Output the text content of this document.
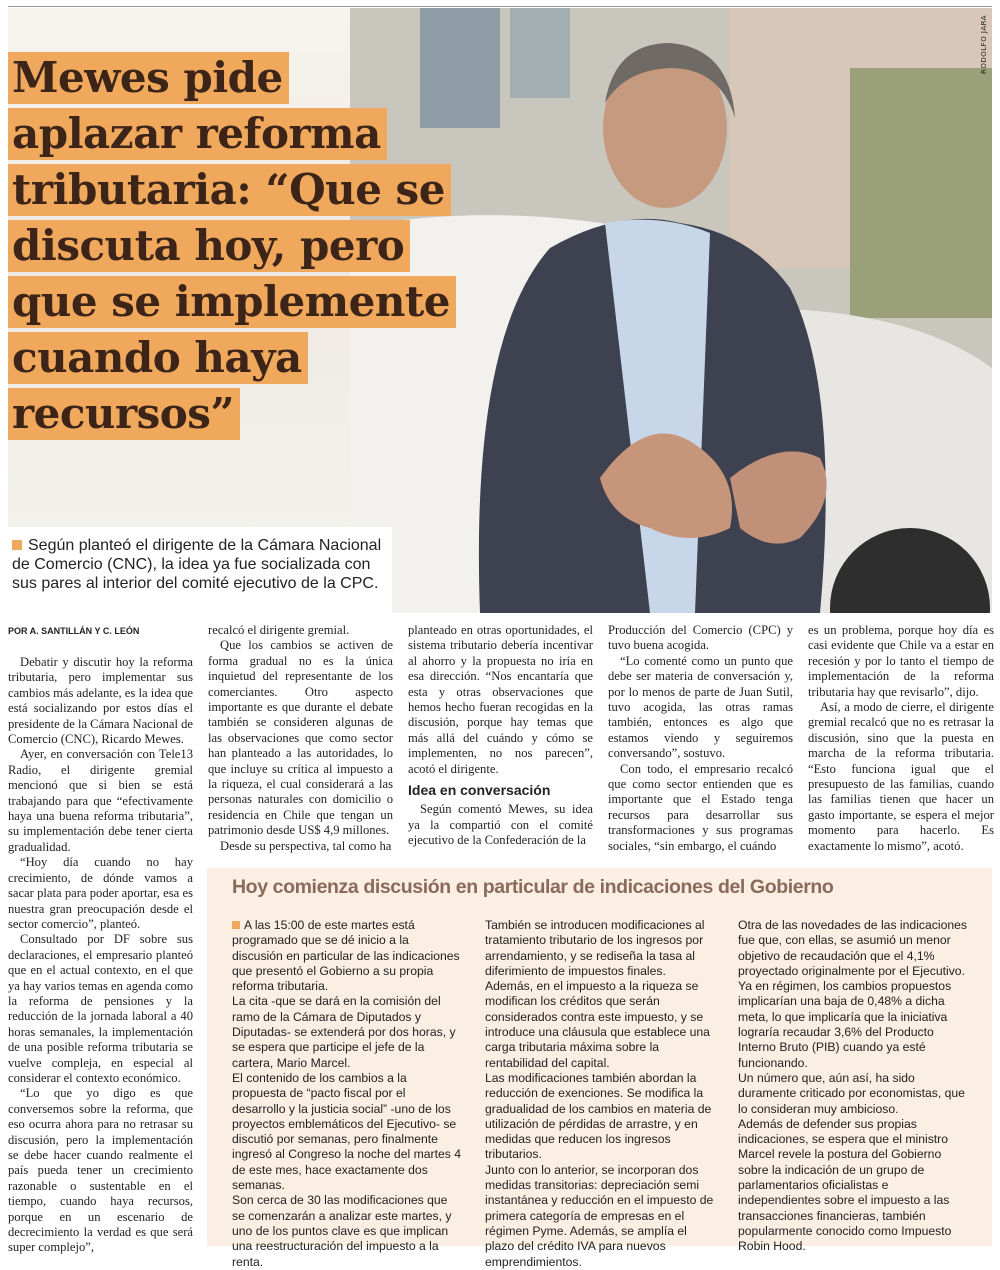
RODOLFO JARA
Mewes pide
aplazar reforma
tributaria: “Que se
discuta hoy, pero
que se implemente
cuando haya
recursos”
Según planteó el dirigente de la Cámara Nacional de Comercio (CNC), la idea ya fue socializada con sus pares al interior del comité ejecutivo de la CPC.
POR A. SANTILLÁN Y C. LEÓN

Debatir y discutir hoy la reforma tributaria, pero implementar sus cambios más adelante, es la idea que está socializando por estos días el presidente de la Cámara Nacional de Comercio (CNC), Ricardo Mewes.

Ayer, en conversación con Tele13 Radio, el dirigente gremial mencionó que si bien se está trabajando para que “efectivamente haya una buena reforma tributaria”, su implementación debe tener cierta gradualidad.

“Hoy día cuando no hay crecimiento, de dónde vamos a sacar plata para poder aportar, esa es nuestra gran preocupación desde el sector comercio”, planteó.

Consultado por DF sobre sus declaraciones, el empresario planteó que en el actual contexto, en el que ya hay varios temas en agenda como la reforma de pensiones y la reducción de la jornada laboral a 40 horas semanales, la implementación de una posible reforma tributaria se vuelve compleja, en especial al considerar el contexto económico.

“Lo que yo digo es que conversemos sobre la reforma, que eso ocurra ahora para no retrasar su discusión, pero la implementación se debe hacer cuando realmente el país pueda tener un crecimiento razonable o sustentable en el tiempo, cuando haya recursos, porque en un escenario de decrecimiento la verdad es que será super complejo”,

recalcó el dirigente gremial.

Que los cambios se activen de forma gradual no es la única inquietud del representante de los comerciantes. Otro aspecto importante es que durante el debate también se consideren algunas de las observaciones que como sector han planteado a las autoridades, lo que incluye su crítica al impuesto a la riqueza, el cual considerará a las personas naturales con domicilio o residencia en Chile que tengan un patrimonio desde US$ 4,9 millones.

Desde su perspectiva, tal como ha

planteado en otras oportunidades, el sistema tributario debería incentivar al ahorro y la propuesta no iría en esa dirección. “Nos encantaría que esta y otras observaciones que hemos hecho fueran recogidas en la discusión, porque hay temas que más allá del cuándo y cómo se implementen, no nos parecen”, acotó el dirigente.

Idea en conversación

Según comentó Mewes, su idea ya la compartió con el comité ejecutivo de la Confederación de la

Producción del Comercio (CPC) y tuvo buena acogida.

“Lo comenté como un punto que debe ser materia de conversación y, por lo menos de parte de Juan Sutil, tuvo acogida, las otras ramas también, entonces es algo que estamos viendo y seguiremos conversando”, sostuvo.

Con todo, el empresario recalcó que como sector entienden que es importante que el Estado tenga recursos para desarrollar sus transformaciones y sus programas sociales, “sin embargo, el cuándo

es un problema, porque hoy día es casi evidente que Chile va a estar en recesión y por lo tanto el tiempo de implementación de la reforma tributaria hay que revisarlo”, dijo.

Así, a modo de cierre, el dirigente gremial recalcó que no es retrasar la discusión, sino que la puesta en marcha de la reforma tributaria. “Esto funciona igual que el presupuesto de las familias, cuando las familias tienen que hacer un gasto importante, se espera el mejor momento para hacerlo. Es exactamente lo mismo”, acotó.

Hoy comienza discusión en particular de indicaciones del Gobierno

A las 15:00 de este martes está programado que se dé inicio a la discusión en particular de las indicaciones que presentó el Gobierno a su propia reforma tributaria.

La cita -que se dará en la comisión del ramo de la Cámara de Diputados y Diputadas- se extenderá por dos horas, y se espera que participe el jefe de la cartera, Mario Marcel.

El contenido de los cambios a la propuesta de “pacto fiscal por el desarrollo y la justicia social” -uno de los proyectos emblemáticos del Ejecutivo- se discutió por semanas, pero finalmente ingresó al Congreso la noche del martes 4 de este mes, hace exactamente dos semanas.

Son cerca de 30 las modificaciones que se comenzarán a analizar este martes, y uno de los puntos clave es que implican una reestructuración del impuesto a la renta.

También se introducen modificaciones al tratamiento tributario de los ingresos por arrendamiento, y se rediseña la tasa al diferimiento de impuestos finales.

Además, en el impuesto a la riqueza se modifican los créditos que serán considerados contra este impuesto, y se introduce una cláusula que establece una carga tributaria máxima sobre la rentabilidad del capital.

Las modificaciones también abordan la reducción de exenciones. Se modifica la gradualidad de los cambios en materia de utilización de pérdidas de arrastre, y en medidas que reducen los ingresos tributarios.

Junto con lo anterior, se incorporan dos medidas transitorias: depreciación semi instantánea y reducción en el impuesto de primera categoría de empresas en el régimen Pyme. Además, se amplía el plazo del crédito IVA para nuevos emprendimientos.

Otra de las novedades de las indicaciones fue que, con ellas, se asumió un menor objetivo de recaudación que el 4,1% proyectado originalmente por el Ejecutivo.

Ya en régimen, los cambios propuestos implicarían una baja de 0,48% a dicha meta, lo que implicaría que la iniciativa lograría recaudar 3,6% del Producto Interno Bruto (PIB) cuando ya esté funcionando.

Un número que, aún así, ha sido duramente criticado por economistas, que lo consideran muy ambicioso.

Además de defender sus propias indicaciones, se espera que el ministro Marcel revele la postura del Gobierno sobre la indicación de un grupo de parlamentarios oficialistas e independientes sobre el impuesto a las transacciones financieras, también popularmente conocido como Impuesto Robin Hood.
